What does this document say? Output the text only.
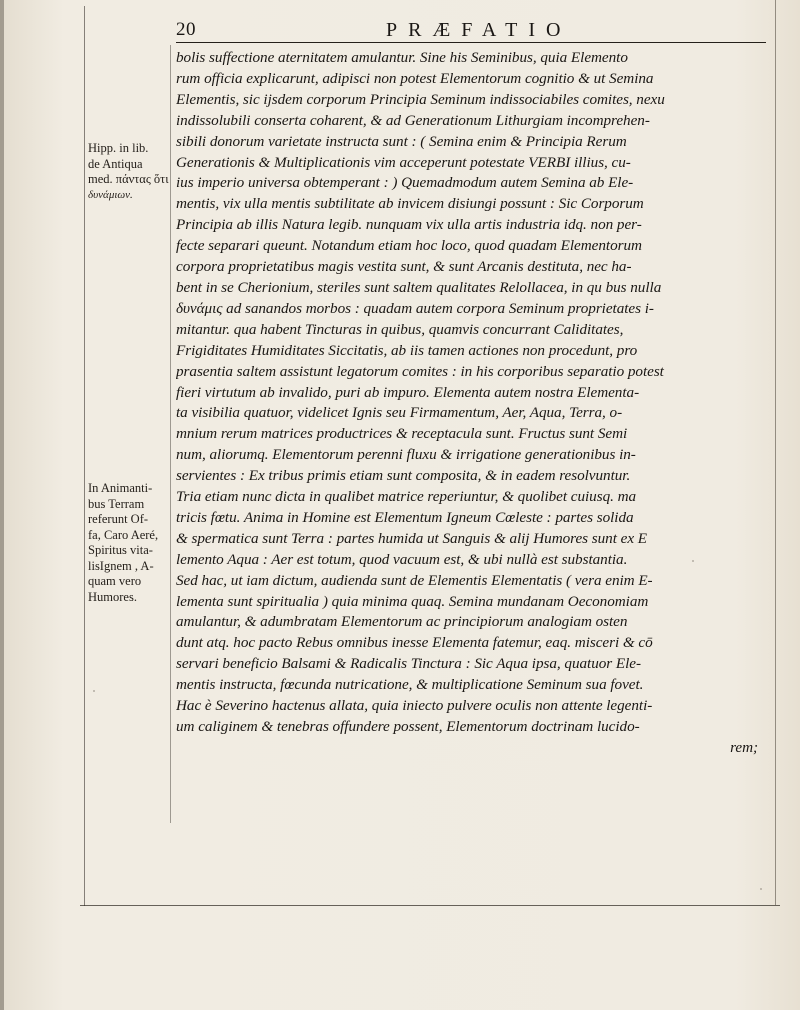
20	PRÆFATIO
Hipp. in lib.
de Antiqua
med. πάντας ὅτι
δυνάμιων.
In Animanti-
bus Terram
referunt Of-
fa, Caro Aeré,
Spiritus vita-
lisIgnem , A-
quam vero
Humores.
bolis suffectione aternitatem amulantur. Sine his Seminibus, quia Elemento
rum officia explicarunt, adipisci non potest Elementorum cognitio & ut Semina
Elementis, sic ijsdem corporum Principia Seminum indissociabiles comites, nexu
indissolubili conserta coharent, & ad Generationum Lithurgiam incomprehen-
sibili donorum varietate instructa sunt : ( Semina enim & Principia Rerum
Generationis & Multiplicationis vim acceperunt potestate VERBI illius, cu-
ius imperio universa obtemperant : ) Quemadmodum autem Semina ab Ele-
mentis, vix ulla mentis subtilitate ab invicem disiungi possunt : Sic Corporum
Principia ab illis Natura legib. nunquam vix ulla artis industria idq. non per-
fecte separari queunt. Notandum etiam hoc loco, quod quadam Elementorum
corpora proprietatibus magis vestita sunt, & sunt Arcanis destituta, nec ha-
bent in se Cherionium, steriles sunt saltem qualitates Relollacea, in qu bus nulla
δυνάμις ad sanandos morbos : quadam autem corpora Seminum proprietates i-
mitantur. qua habent Tincturas in quibus, quamvis concurrant Caliditates,
Frigiditates Humiditates Siccitatis, ab iis tamen actiones non procedunt, pro
prasentia saltem assistunt legatorum comites : in his corporibus separatio potest
fieri virtutum ab invalido, puri ab impuro. Elementa autem nostra Elementa-
ta visibilia quatuor, videlicet Ignis seu Firmamentum, Aer, Aqua, Terra, o-
mnium rerum matrices productrices & receptacula sunt. Fructus sunt Semi
num, aliorumq. Elementorum perenni fluxu & irrigatione generationibus in-
servientes : Ex tribus primis etiam sunt composita, & in eadem resolvuntur.
Tria etiam nunc dicta in qualibet matrice reperiuntur, & quolibet cuiusq. ma
tricis fœtu. Anima in Homine est Elementum Igneum Cœleste : partes solida
& spermatica sunt Terra : partes humida ut Sanguis & alij Humores sunt ex E
lemento Aqua : Aer est totum, quod vacuum est, & ubi nullà est substantia.
Sed hac, ut iam dictum, audienda sunt de Elementis Elementatis ( vera enim E-
lementa sunt spiritualia ) quia minima quaq. Semina mundanam Oeconomiam
amulantur, & adumbratam Elementorum ac principiorum analogiam osten
dunt atq. hoc pacto Rebus omnibus inesse Elementa fatemur, eaq. misceri & cō
servari beneficio Balsami & Radicalis Tinctura : Sic Aqua ipsa, quatuor Ele-
mentis instructa, fœcunda nutricatione, & multiplicatione Seminum sua fovet.
Hac è Severino hactenus allata, quia iniecto pulvere oculis non attente legenti-
um caliginem & tenebras offundere possent, Elementorum doctrinam lucido-
rem;
